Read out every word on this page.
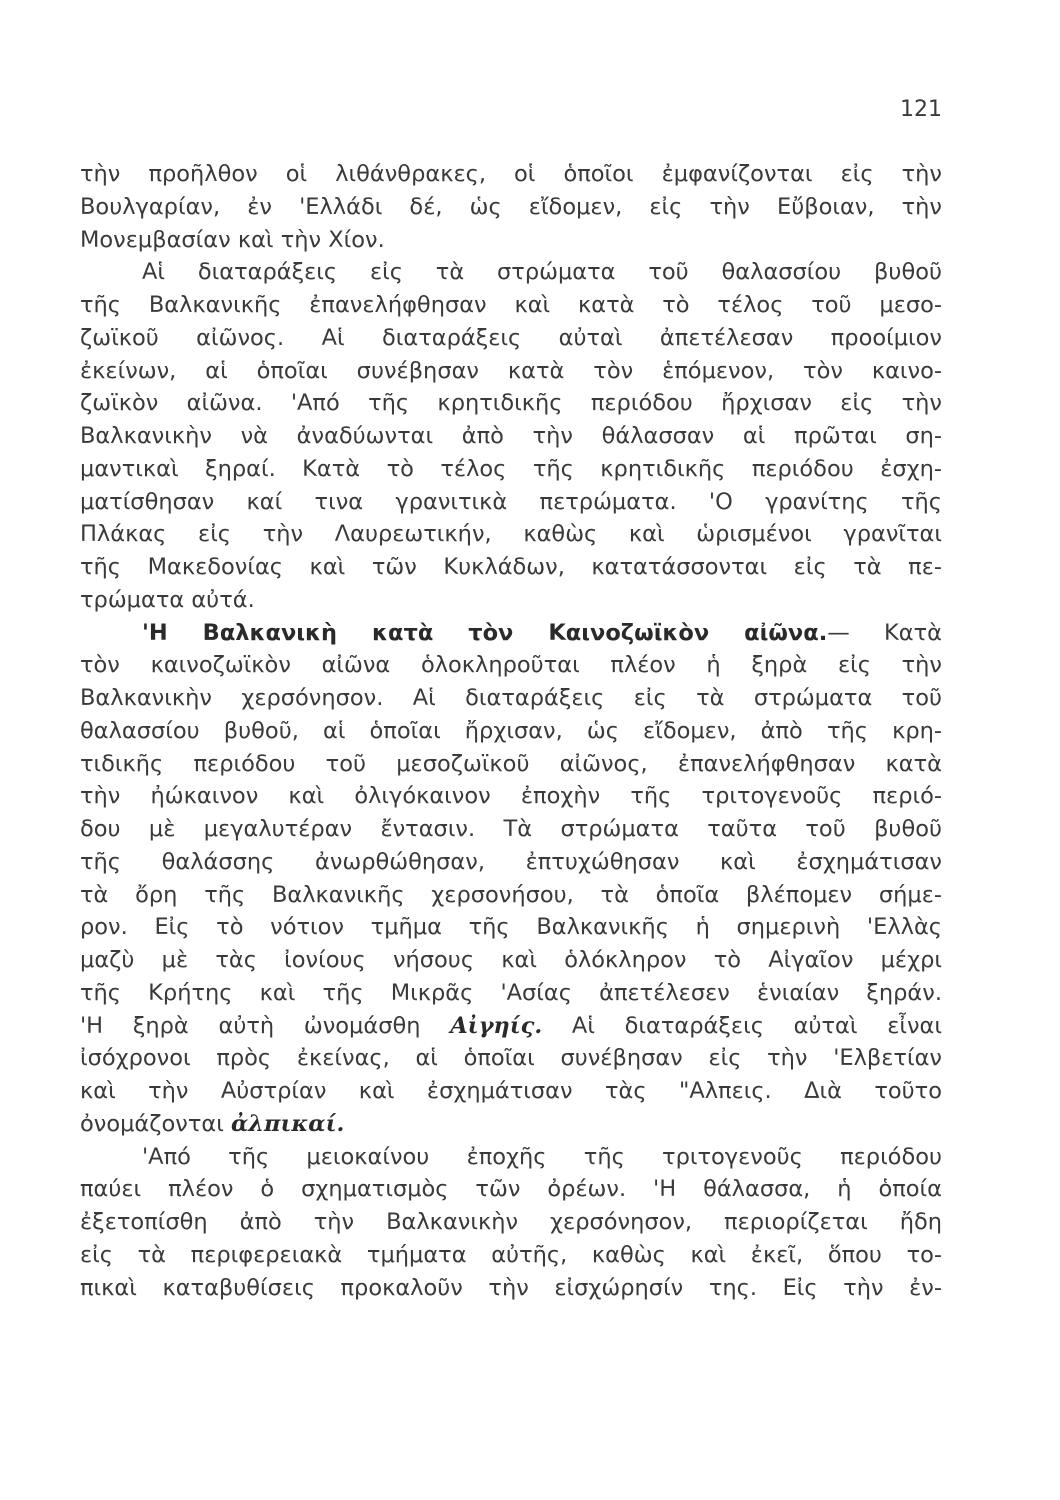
121
τὴν προῆλθον οἱ λιθάνθρακες, οἱ ὁποῖοι ἐμφανίζονται εἰς τὴν
Βουλγαρίαν, ἐν 'Ελλάδι δέ, ὡς εἴδομεν, εἰς τὴν Εὔβοιαν, τὴν
Μονεμβασίαν καὶ τὴν Χίον.
Αἱ διαταράξεις εἰς τὰ στρώματα τοῦ θαλασσίου βυθοῦ
τῆς Βαλκανικῆς ἐπανελήφθησαν καὶ κατὰ τὸ τέλος τοῦ μεσο-
ζωϊκοῦ αἰῶνος. Αἱ διαταράξεις αὐταὶ ἀπετέλεσαν προοίμιον
ἐκείνων, αἱ ὁποῖαι συνέβησαν κατὰ τὸν ἑπόμενον, τὸν καινο-
ζωϊκὸν αἰῶνα. 'Από τῆς κρητιδικῆς περιόδου ἤρχισαν εἰς τὴν
Βαλκανικὴν νὰ ἀναδύωνται ἀπὸ τὴν θάλασσαν αἱ πρῶται ση-
μαντικαὶ ξηραί. Κατὰ τὸ τέλος τῆς κρητιδικῆς περιόδου ἐσχη-
ματίσθησαν καί τινα γρανιτικὰ πετρώματα. 'Ο γρανίτης τῆς
Πλάκας εἰς τὴν Λαυρεωτικήν, καθὼς καὶ ὡρισμένοι γρανῖται
τῆς Μακεδονίας καὶ τῶν Κυκλάδων, κατατάσσονται εἰς τὰ πε-
τρώματα αὐτά.
'Η Βαλκανικὴ κατὰ τὸν Καινοζωϊκὸν αἰῶνα.— Κατὰ
τὸν καινοζωϊκὸν αἰῶνα ὁλοκληροῦται πλέον ἡ ξηρὰ εἰς τὴν
Βαλκανικὴν χερσόνησον. Αἱ διαταράξεις εἰς τὰ στρώματα τοῦ
θαλασσίου βυθοῦ, αἱ ὁποῖαι ἤρχισαν, ὡς εἴδομεν, ἀπὸ τῆς κρη-
τιδικῆς περιόδου τοῦ μεσοζωϊκοῦ αἰῶνος, ἐπανελήφθησαν κατὰ
τὴν ἠώκαινον καὶ ὀλιγόκαινον ἐποχὴν τῆς τριτογενοῦς περιό-
δου μὲ μεγαλυτέραν ἔντασιν. Τὰ στρώματα ταῦτα τοῦ βυθοῦ
τῆς θαλάσσης ἀνωρθώθησαν, ἐπτυχώθησαν καὶ ἐσχημάτισαν
τὰ ὄρη τῆς Βαλκανικῆς χερσονήσου, τὰ ὁποῖα βλέπομεν σήμε-
ρον. Εἰς τὸ νότιον τμῆμα τῆς Βαλκανικῆς ἡ σημερινὴ 'Ελλὰς
μαζὺ μὲ τὰς ἰονίους νήσους καὶ ὁλόκληρον τὸ Αἰγαῖον μέχρι
τῆς Κρήτης καὶ τῆς Μικρᾶς 'Ασίας ἀπετέλεσεν ἑνιαίαν ξηράν.
'Η ξηρὰ αὐτὴ ὠνομάσθη Αἰγηίς. Αἱ διαταράξεις αὐταὶ εἶναι
ἰσόχρονοι πρὸς ἐκείνας, αἱ ὁποῖαι συνέβησαν εἰς τὴν 'Ελβετίαν
καὶ τὴν Αὐστρίαν καὶ ἐσχημάτισαν τὰς "Αλπεις. Διὰ τοῦτο
ὀνομάζονται ἀλπικαί.
'Από τῆς μειοκαίνου ἐποχῆς τῆς τριτογενοῦς περιόδου
παύει πλέον ὁ σχηματισμὸς τῶν ὀρέων. 'Η θάλασσα, ἡ ὁποία
ἐξετοπίσθη ἀπὸ τὴν Βαλκανικὴν χερσόνησον, περιορίζεται ἤδη
εἰς τὰ περιφερειακὰ τμήματα αὐτῆς, καθὼς καὶ ἐκεῖ, ὅπου το-
πικαὶ καταβυθίσεις προκαλοῦν τὴν εἰσχώρησίν της. Εἰς τὴν ἐν-
